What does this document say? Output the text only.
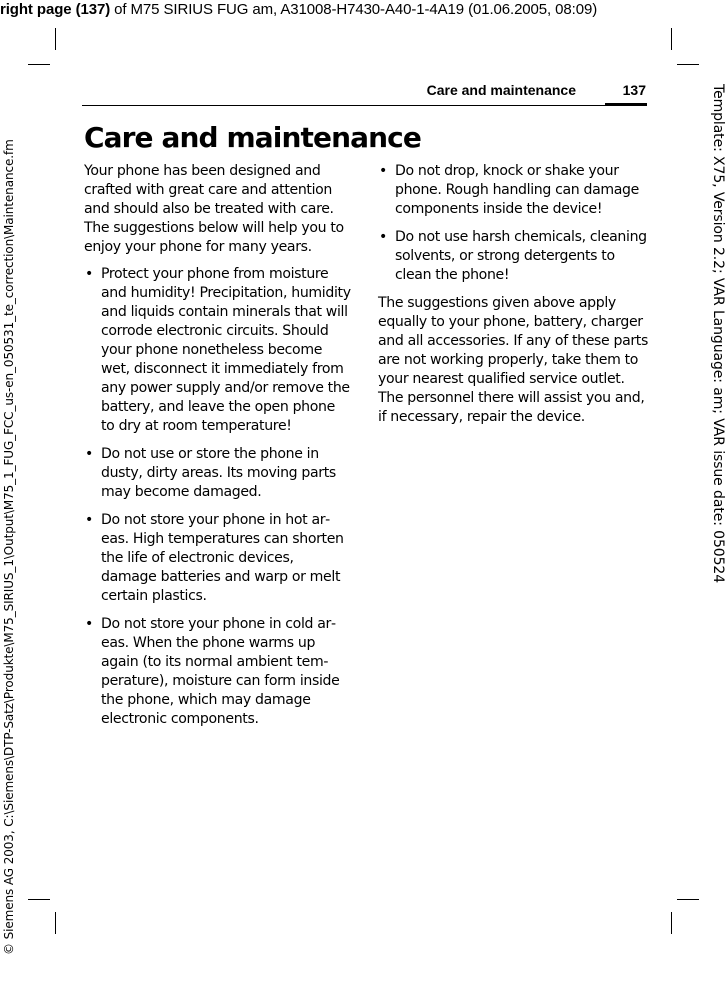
right page (137) of M75 SIRIUS FUG am, A31008-H7430-A40-1-4A19 (01.06.2005, 08:09)
© Siemens AG 2003, C:\Siemens\DTP-Satz\Produkte\M75_SIRIUS_1\Output\M75_1_FUG_FCC_us-en_050531_te_correction\Maintenance.fm	Template: X75, Version 2.2; VAR Language: am; VAR issue date: 050524
Care and maintenance	137
Care and maintenance

Your phone has been designed and crafted with great care and attention and should also be treated with care. The suggestions below will help you to enjoy your phone for many years.

• Protect your phone from moisture and humidity! Precipitation, humidity and liquids contain minerals that will corrode electronic circuits. Should your phone nonetheless become wet, disconnect it immediately from any power supply and/or remove the battery, and leave the open phone to dry at room temperature!
• Do not use or store the phone in dusty, dirty areas. Its moving parts may become damaged.
• Do not store your phone in hot areas. High temperatures can shorten the life of electronic devices, damage batteries and warp or melt certain plastics.
• Do not store your phone in cold areas. When the phone warms up again (to its normal ambient temperature), moisture can form inside the phone, which may damage electronic components.
• Do not drop, knock or shake your phone. Rough handling can damage components inside the device!
• Do not use harsh chemicals, cleaning solvents, or strong detergents to clean the phone!

The suggestions given above apply equally to your phone, battery, charger and all accessories. If any of these parts are not working properly, take them to your nearest qualified service outlet. The personnel there will assist you and, if necessary, repair the device.
